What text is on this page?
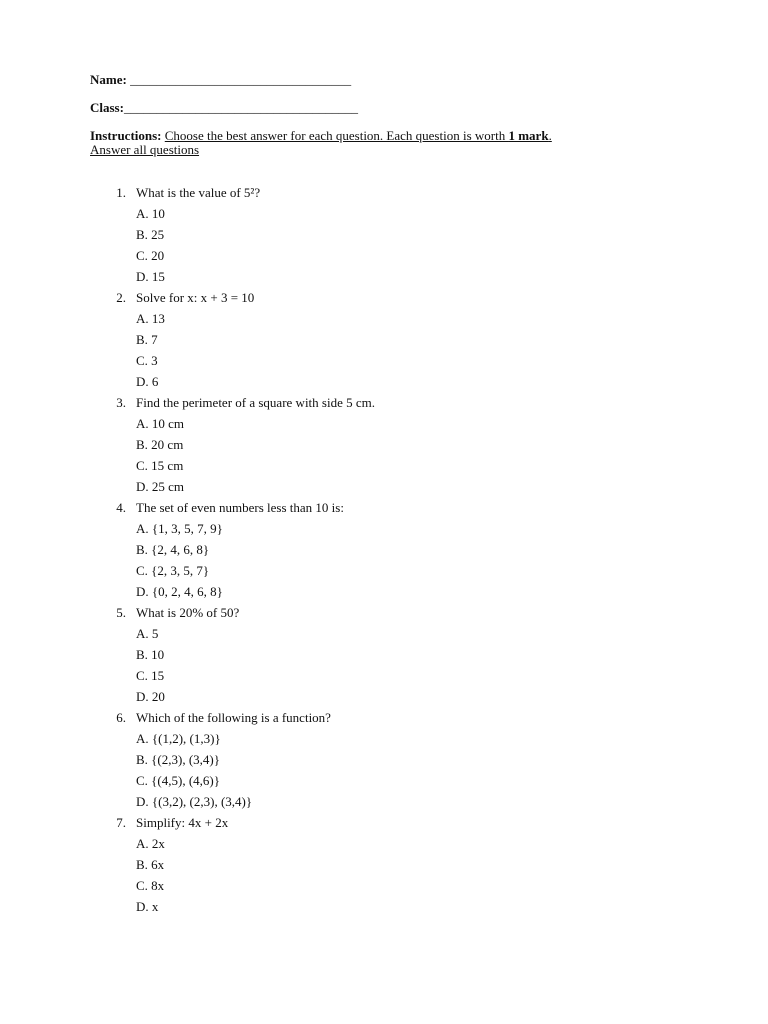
Name: __________________________________
Class:____________________________________
Instructions: Choose the best answer for each question. Each question is worth 1 mark.
Answer all questions
1. What is the value of 5²?
A. 10
B. 25
C. 20
D. 15
2. Solve for x: x + 3 = 10
A. 13
B. 7
C. 3
D. 6
3. Find the perimeter of a square with side 5 cm.
A. 10 cm
B. 20 cm
C. 15 cm
D. 25 cm
4. The set of even numbers less than 10 is:
A. {1, 3, 5, 7, 9}
B. {2, 4, 6, 8}
C. {2, 3, 5, 7}
D. {0, 2, 4, 6, 8}
5. What is 20% of 50?
A. 5
B. 10
C. 15
D. 20
6. Which of the following is a function?
A. {(1,2), (1,3)}
B. {(2,3), (3,4)}
C. {(4,5), (4,6)}
D. {(3,2), (2,3), (3,4)}
7. Simplify: 4x + 2x
A. 2x
B. 6x
C. 8x
D. x
